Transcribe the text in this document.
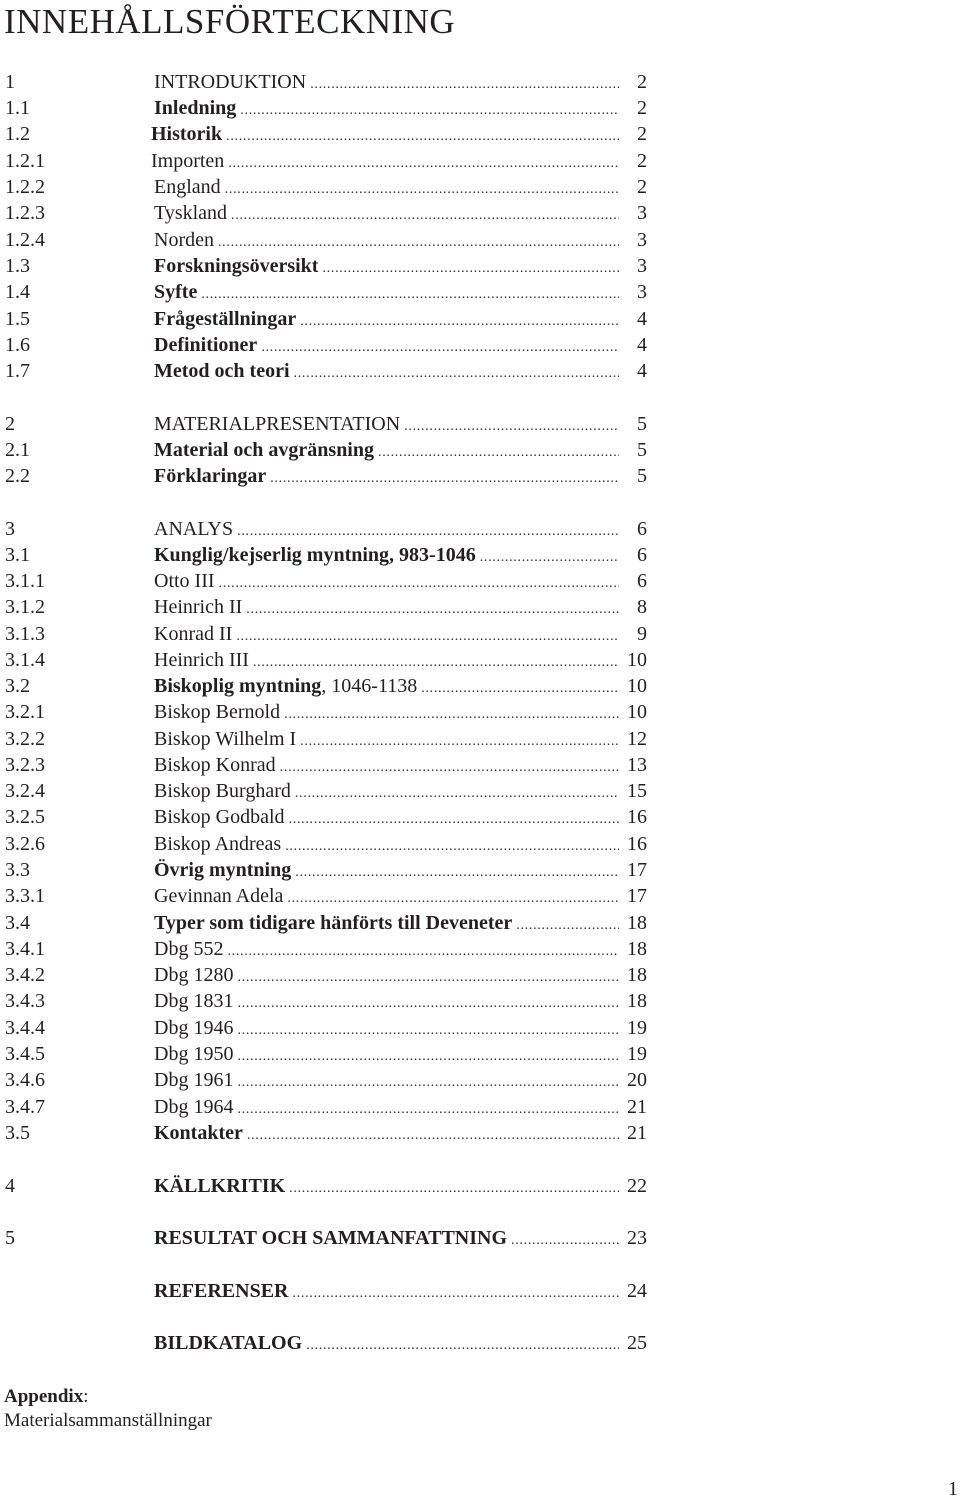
INNEHÅLLSFÖRTECKNING
1	INTRODUKTION .....	2
1.1	Inledning .....	2
1.2	Historik .....	2
1.2.1	Importen .....	2
1.2.2	England .....	2
1.2.3	Tyskland .....	3
1.2.4	Norden .....	3
1.3	Forskningsöversikt .....	3
1.4	Syfte .....	3
1.5	Frågeställningar .....	4
1.6	Definitioner .....	4
1.7	Metod och teori .....	4
2	MATERIALPRESENTATION .....	5
2.1	Material och avgränsning .....	5
2.2	Förklaringar .....	5
3	ANALYS .....	6
3.1	Kunglig/kejserlig myntning, 983-1046 .....	6
3.1.1	Otto III .....	6
3.1.2	Heinrich II .....	8
3.1.3	Konrad II .....	9
3.1.4	Heinrich III .....	10
3.2	Biskoplig myntning, 1046-1138 .....	10
3.2.1	Biskop Bernold .....	10
3.2.2	Biskop Wilhelm I .....	12
3.2.3	Biskop Konrad .....	13
3.2.4	Biskop Burghard .....	15
3.2.5	Biskop Godbald .....	16
3.2.6	Biskop Andreas .....	16
3.3	Övrig myntning .....	17
3.3.1	Gevinnan Adela .....	17
3.4	Typer som tidigare hänförts till Deveneter .....	18
3.4.1	Dbg 552 .....	18
3.4.2	Dbg 1280 .....	18
3.4.3	Dbg 1831 .....	18
3.4.4	Dbg 1946 .....	19
3.4.5	Dbg 1950 .....	19
3.4.6	Dbg 1961 .....	20
3.4.7	Dbg 1964 .....	21
3.5	Kontakter .....	21
4	KÄLLKRITIK .....	22
5	RESULTAT OCH SAMMANFATTNING .....	23
REFERENSER .....	24
BILDKATALOG .....	25
Appendix:
Materialsammanställningar
1
